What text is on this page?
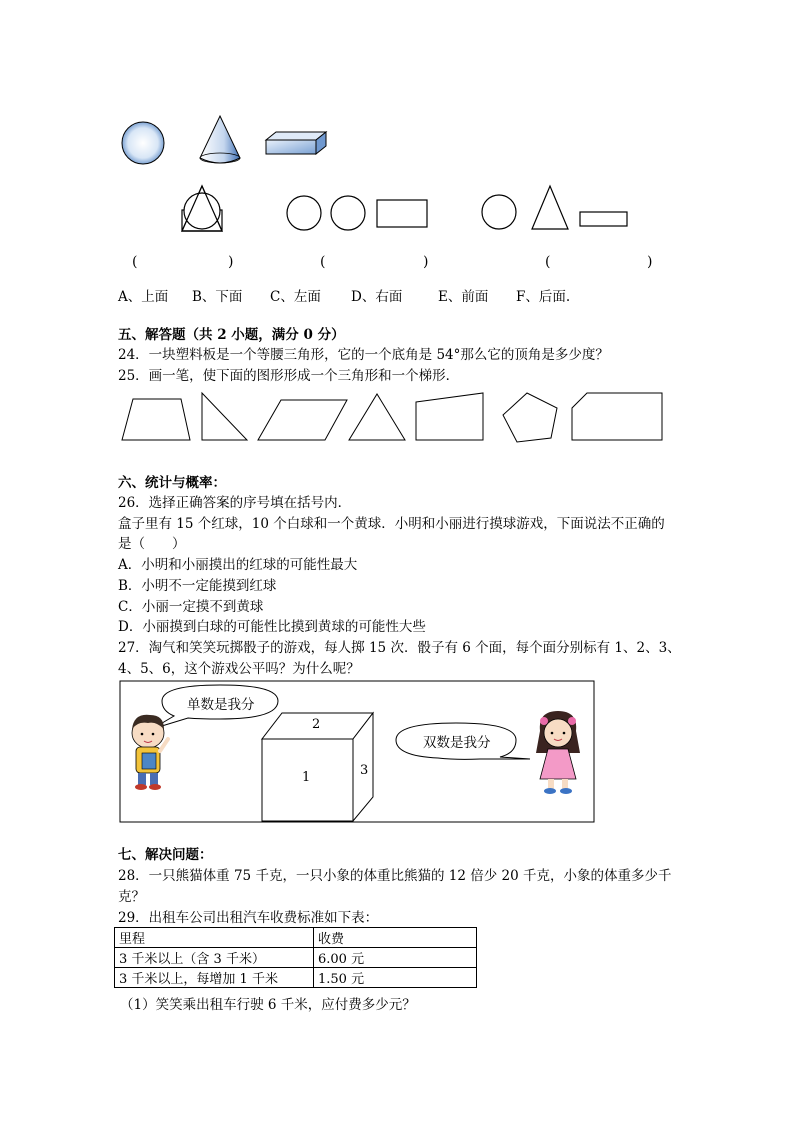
(	)	(	)	(	)
A、上面 B、下面 C、左面 D、右面	E、前面 F、后面.
五、解答题（共 2 小题，满分 0 分）
24．一块塑料板是一个等腰三角形，它的一个底角是 54°那么它的顶角是多少度？
25．画一笔，使下面的图形形成一个三角形和一个梯形．
六、统计与概率：
26．选择正确答案的序号填在括号内．
盒子里有 15 个红球，10 个白球和一个黄球．小明和小丽进行摸球游戏，下面说法不正确的
是（　　）
A．小明和小丽摸出的红球的可能性最大
B．小明不一定能摸到红球
C．小丽一定摸不到黄球
D．小丽摸到白球的可能性比摸到黄球的可能性大些
27．淘气和笑笑玩掷骰子的游戏，每人掷 15 次．骰子有 6 个面，每个面分别标有 1、2、3、
4、5、6，这个游戏公平吗？为什么呢？
单数是我分
双数是我分
1
2
3
七、解决问题：
28．一只熊猫体重 75 千克，一只小象的体重比熊猫的 12 倍少 20 千克，小象的体重多少千
克？
29．出租车公司出租汽车收费标准如下表：
里程	收费
3 千米以上（含 3 千米）	6.00 元
3 千米以上，每增加 1 千米	1.50 元
（1）笑笑乘出租车行驶 6 千米，应付费多少元？
